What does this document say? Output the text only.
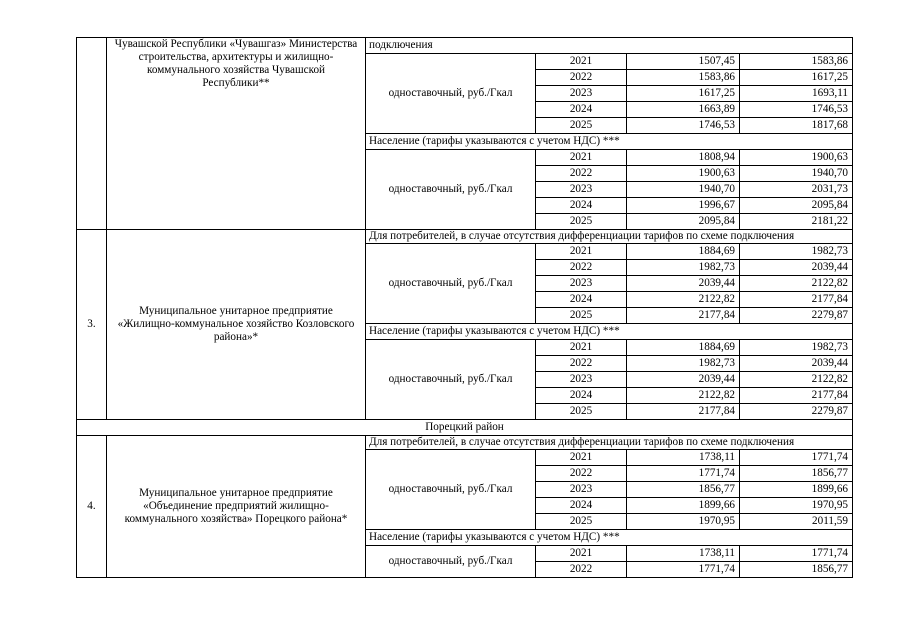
	Чувашской Республики «Чувашгаз» Министерства строительства, архитектуры и жилищно-коммунального хозяйства Чувашской Республики**	подключения			
		одноставочный, руб./Гкал	2021	1507,45	1583,86
			2022	1583,86	1617,25
			2023	1617,25	1693,11
			2024	1663,89	1746,53
			2025	1746,53	1817,68
		Население (тарифы указываются с учетом НДС) ***			
		одноставочный, руб./Гкал	2021	1808,94	1900,63
			2022	1900,63	1940,70
			2023	1940,70	2031,73
			2024	1996,67	2095,84
			2025	2095,84	2181,22
3.	Муниципальное унитарное предприятие «Жилищно-коммунальное хозяйство Козловского района»*	Для потребителей, в случае отсутствия дифференциации тарифов по схеме подключения			
		одноставочный, руб./Гкал	2021	1884,69	1982,73
			2022	1982,73	2039,44
			2023	2039,44	2122,82
			2024	2122,82	2177,84
			2025	2177,84	2279,87
		Население (тарифы указываются с учетом НДС) ***			
		одноставочный, руб./Гкал	2021	1884,69	1982,73
			2022	1982,73	2039,44
			2023	2039,44	2122,82
			2024	2122,82	2177,84
			2025	2177,84	2279,87
Порецкий район					
4.	Муниципальное унитарное предприятие «Объединение предприятий жилищно-коммунального хозяйства» Порецкого района*	Для потребителей, в случае отсутствия дифференциации тарифов по схеме подключения			
		одноставочный, руб./Гкал	2021	1738,11	1771,74
			2022	1771,74	1856,77
			2023	1856,77	1899,66
			2024	1899,66	1970,95
			2025	1970,95	2011,59
		Население (тарифы указываются с учетом НДС) ***			
		одноставочный, руб./Гкал	2021	1738,11	1771,74
			2022	1771,74	1856,77
